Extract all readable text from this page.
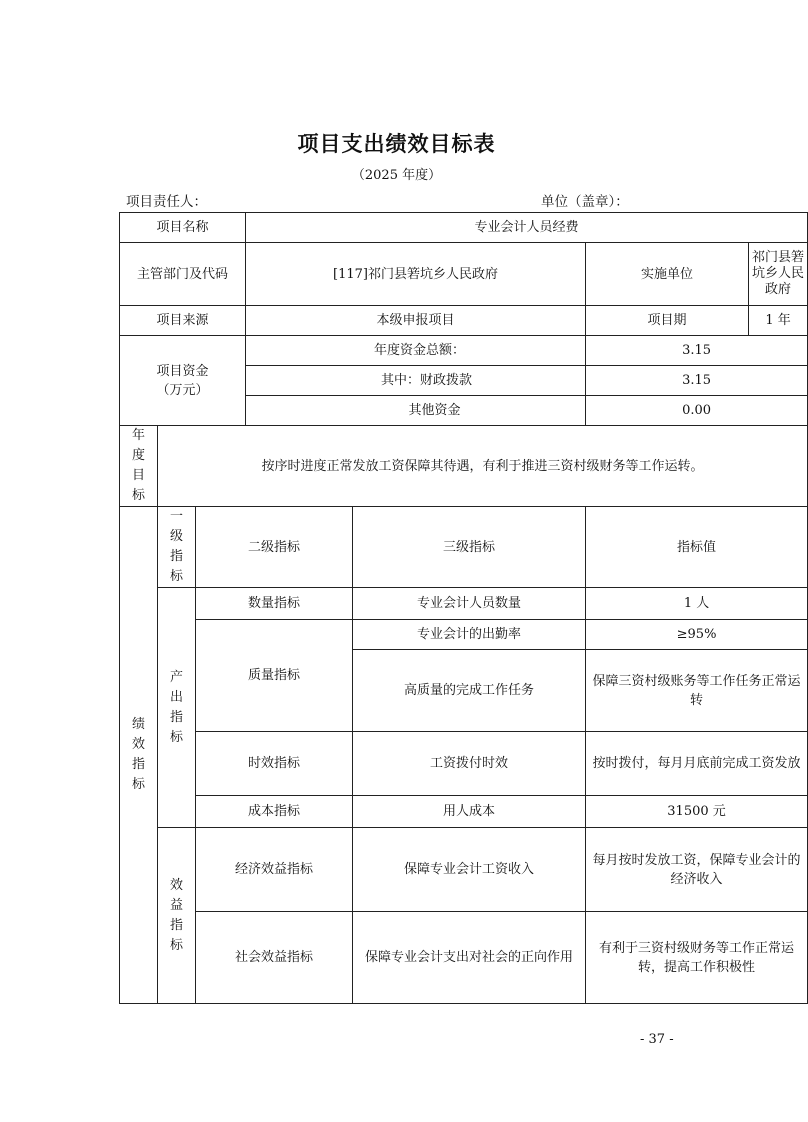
项目支出绩效目标表
（2025 年度）
项目责任人：	单位（盖章）：
项目名称			专业会计人员经费			
主管部门及代码			[117]祁门县箬坑乡人民政府		实施单位	祁门县箬坑乡人民政府
项目来源			本级申报项目		项目期	1 年
项目资金
（万元）			年度资金总额：		3.15	
			其中：财政拨款		3.15	
			其他资金		0.00	

年度目标	按序时进度正常发放工资保障其待遇，有利于推进三资村级财务等工作运转。					

绩效指标	一级指标	二级指标		三级指标	指标值	

	产出指标	数量指标		专业会计人员数量	1 人	
		质量指标		专业会计的出勤率	≥95%	
				高质量的完成工作任务	保障三资村级账务等工作任务正常运转	
		时效指标		工资拨付时效	按时拨付，每月月底前完成工资发放	
		成本指标		用人成本	31500 元	

	效益指标	经济效益指标		保障专业会计工资收入	每月按时发放工资，保障专业会计的经济收入	
		社会效益指标		保障专业会计支出对社会的正向作用	有利于三资村级财务等工作正常运转，提高工作积极性	
- 37 -
